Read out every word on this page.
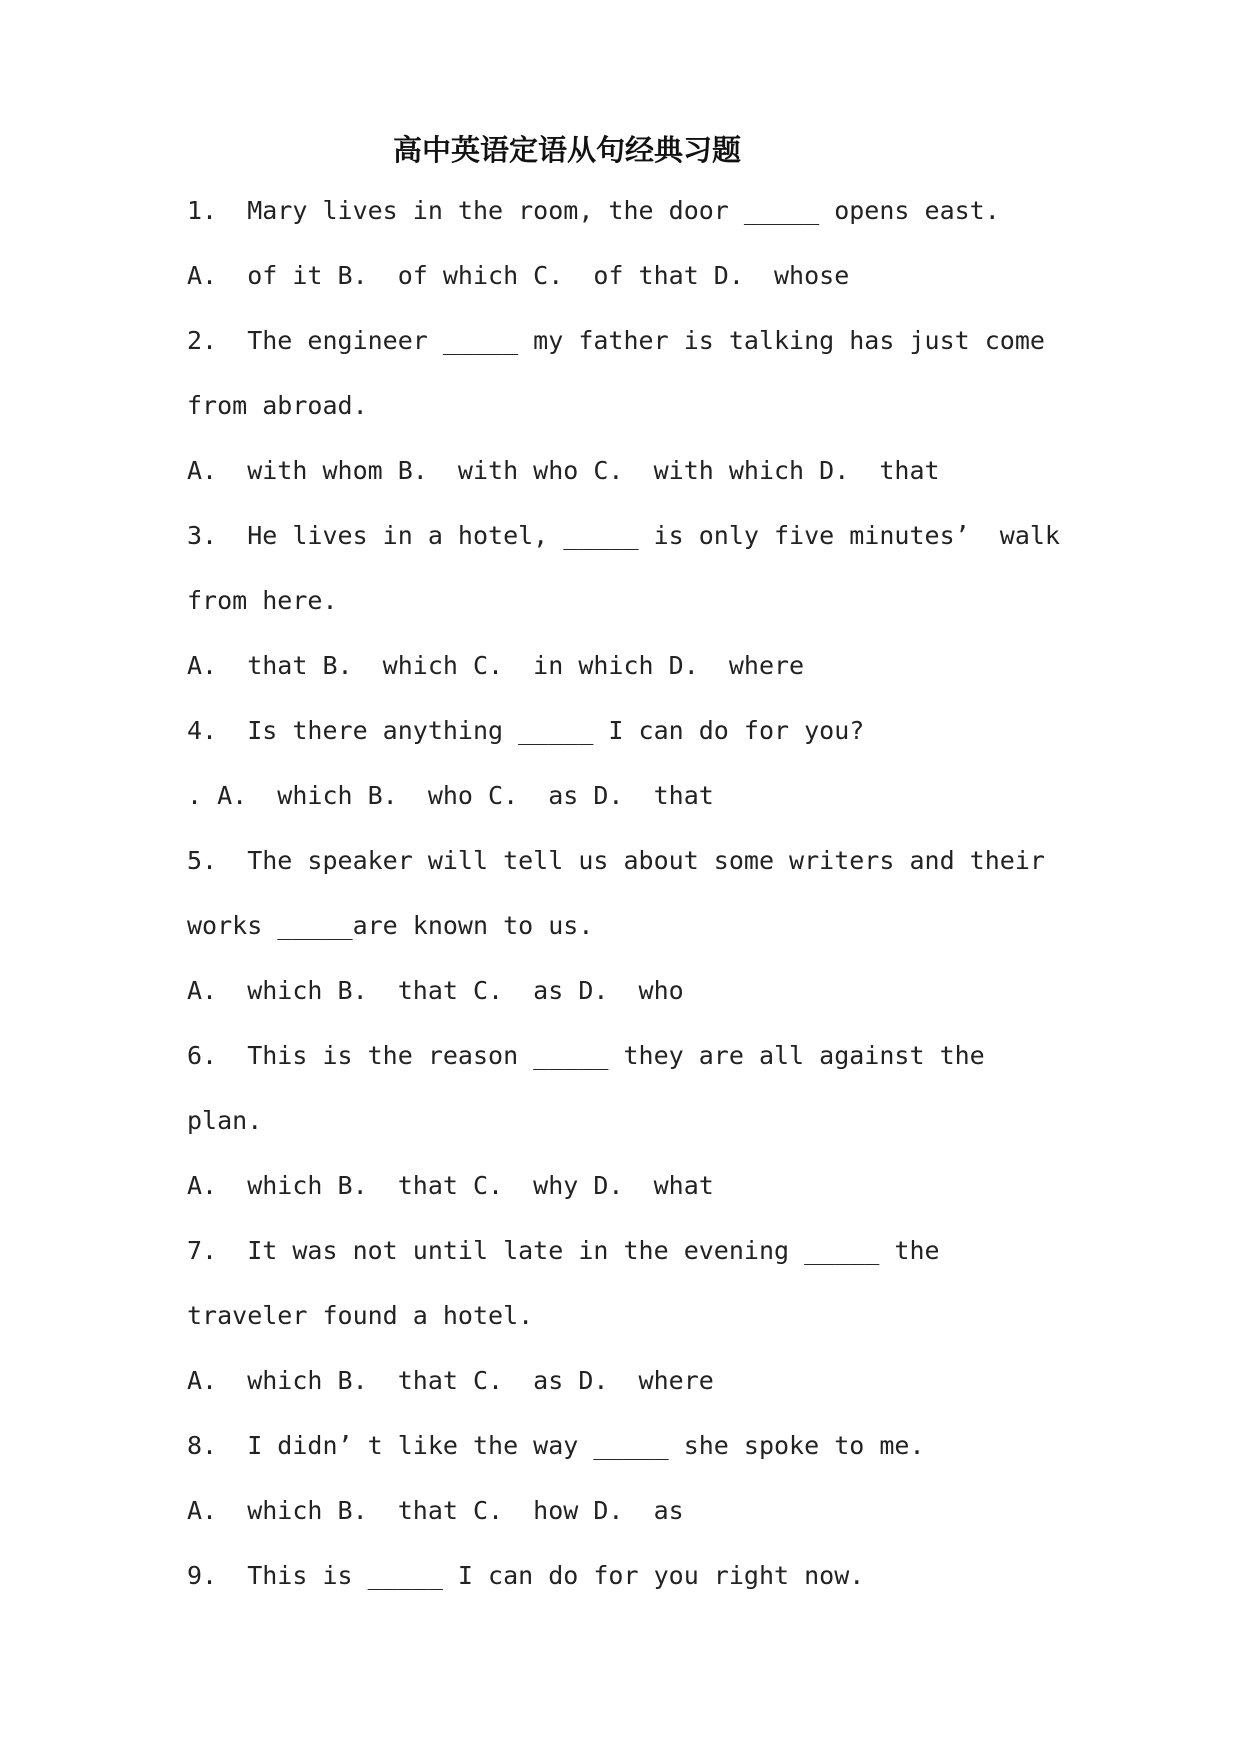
高中英语定语从句经典习题
1.  Mary lives in the room, the door _____ opens east.
A.  of it B.  of which C.  of that D.  whose
2.  The engineer _____ my father is talking has just come
from abroad.
A.  with whom B.  with who C.  with which D.  that
3.  He lives in a hotel, _____ is only five minutes’  walk
from here.
A.  that B.  which C.  in which D.  where
4.  Is there anything _____ I can do for you?
. A.  which B.  who C.  as D.  that
5.  The speaker will tell us about some writers and their
works _____are known to us.
A.  which B.  that C.  as D.  who
6.  This is the reason _____ they are all against the
plan.
A.  which B.  that C.  why D.  what
7.  It was not until late in the evening _____ the
traveler found a hotel.
A.  which B.  that C.  as D.  where
8.  I didn’ t like the way _____ she spoke to me.
A.  which B.  that C.  how D.  as
9.  This is _____ I can do for you right now.
